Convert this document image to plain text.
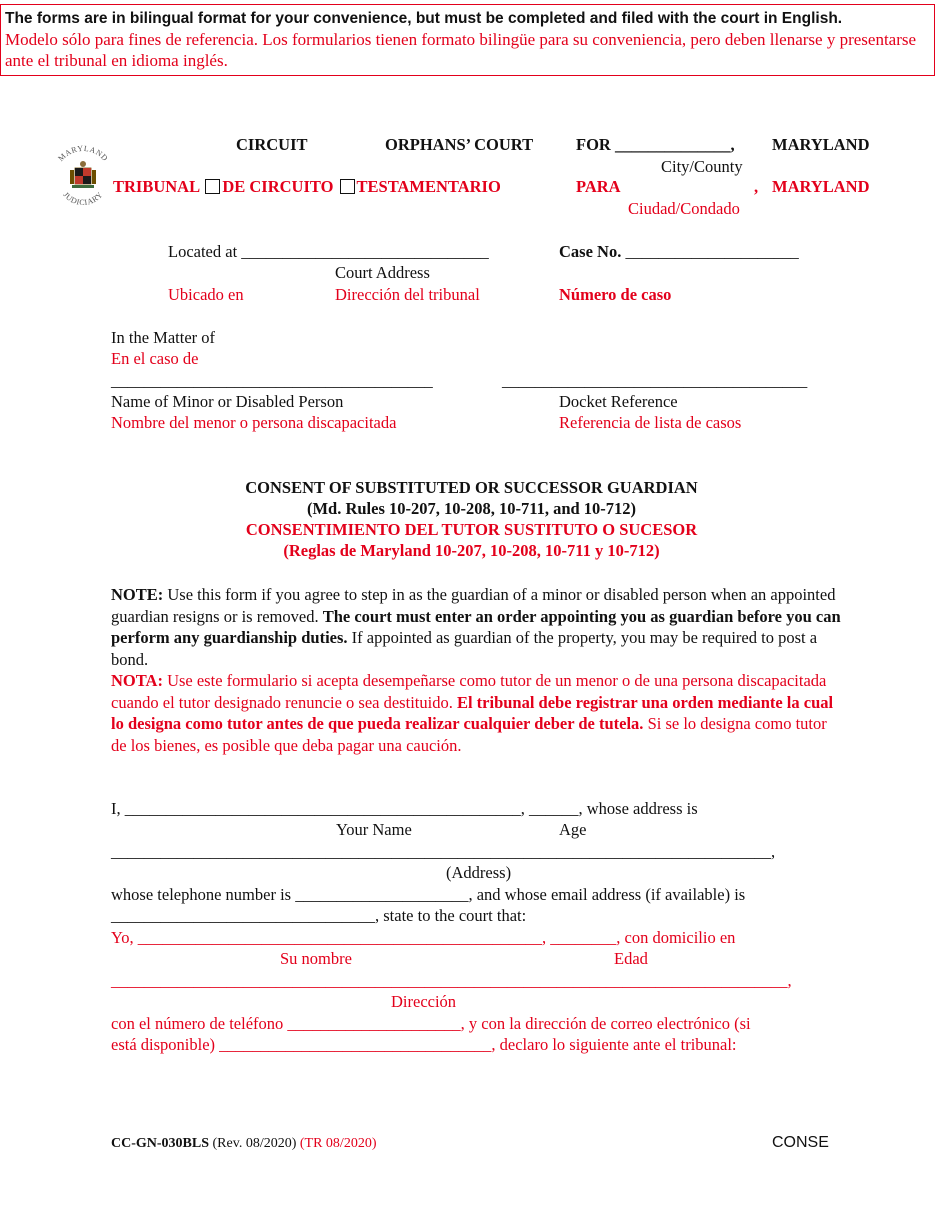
The forms are in bilingual format for your convenience, but must be completed and filed with the court in English.
Modelo sólo para fines de referencia. Los formularios tienen formato bilingüe para su conveniencia, pero deben llenarse y presentarse ante el tribunal en idioma inglés.
MARYLAND
JUDICIARY
CIRCUIT	ORPHANS’ COURT	FOR ______________, MARYLAND
City/County
TRIBUNAL DE CIRCUITO TESTAMENTARIO	PARA	, MARYLAND
Ciudad/Condado
Located at ______________________________
Court Address
Ubicado en	Dirección del tribunal
Case No. _____________________
Número de caso
In the Matter of
En el caso de
_______________________________________	_____________________________________
Name of Minor or Disabled Person	Docket Reference
Nombre del menor o persona discapacitada	Referencia de lista de casos
CONSENT OF SUBSTITUTED OR SUCCESSOR GUARDIAN
(Md. Rules 10-207, 10-208, 10-711, and 10-712)
CONSENTIMIENTO DEL TUTOR SUSTITUTO O SUCESOR
(Reglas de Maryland 10-207, 10-208, 10-711 y 10-712)
NOTE: Use this form if you agree to step in as the guardian of a minor or disabled person when an appointed guardian resigns or is removed. The court must enter an order appointing you as guardian before you can perform any guardianship duties. If appointed as guardian of the property, you may be required to post a bond.
NOTA: Use este formulario si acepta desempeñarse como tutor de un menor o de una persona discapacitada cuando el tutor designado renuncie o sea destituido. El tribunal debe registrar una orden mediante la cual lo designa como tutor antes de que pueda realizar cualquier deber de tutela. Si se lo designa como tutor de los bienes, es posible que deba pagar una caución.
I, ________________________________________________, ______, whose address is
Your Name	Age
________________________________________________________________________________,
(Address)
whose telephone number is _____________________, and whose email address (if available) is
________________________________, state to the court that:
Yo, _________________________________________________, ________, con domicilio en
Su nombre	Edad
__________________________________________________________________________________,
Dirección
con el número de teléfono _____________________, y con la dirección de correo electrónico (si
está disponible) _________________________________, declaro lo siguiente ante el tribunal:
CC-GN-030BLS (Rev. 08/2020) (TR 08/2020)	CONSE
